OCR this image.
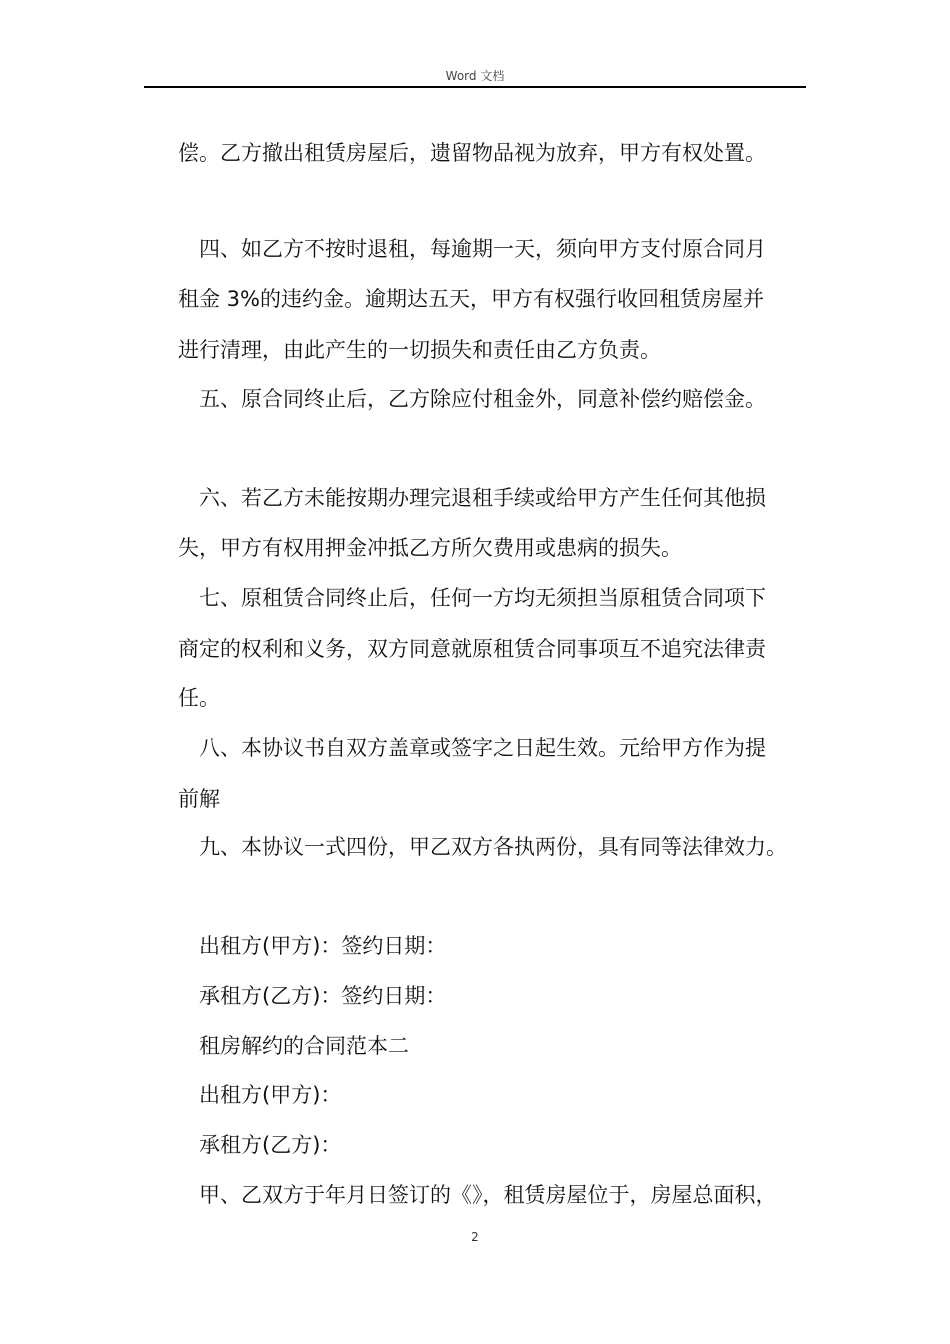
Word 文档
偿。乙方撤出租赁房屋后，遗留物品视为放弃，甲方有权处置。
四、如乙方不按时退租，每逾期一天，须向甲方支付原合同月
租金 3%的违约金。逾期达五天，甲方有权强行收回租赁房屋并
进行清理，由此产生的一切损失和责任由乙方负责。
五、原合同终止后，乙方除应付租金外，同意补偿约赔偿金。
六、若乙方未能按期办理完退租手续或给甲方产生任何其他损
失，甲方有权用押金冲抵乙方所欠费用或患病的损失。
七、原租赁合同终止后，任何一方均无须担当原租赁合同项下
商定的权利和义务，双方同意就原租赁合同事项互不追究法律责
任。
八、本协议书自双方盖章或签字之日起生效。元给甲方作为提
前解
九、本协议一式四份，甲乙双方各执两份，具有同等法律效力。
出租方(甲方)：签约日期：
承租方(乙方)：签约日期：
租房解约的合同范本二
出租方(甲方)：
承租方(乙方)：
甲、乙双方于年月日签订的《》，租赁房屋位于，房屋总面积，
2
